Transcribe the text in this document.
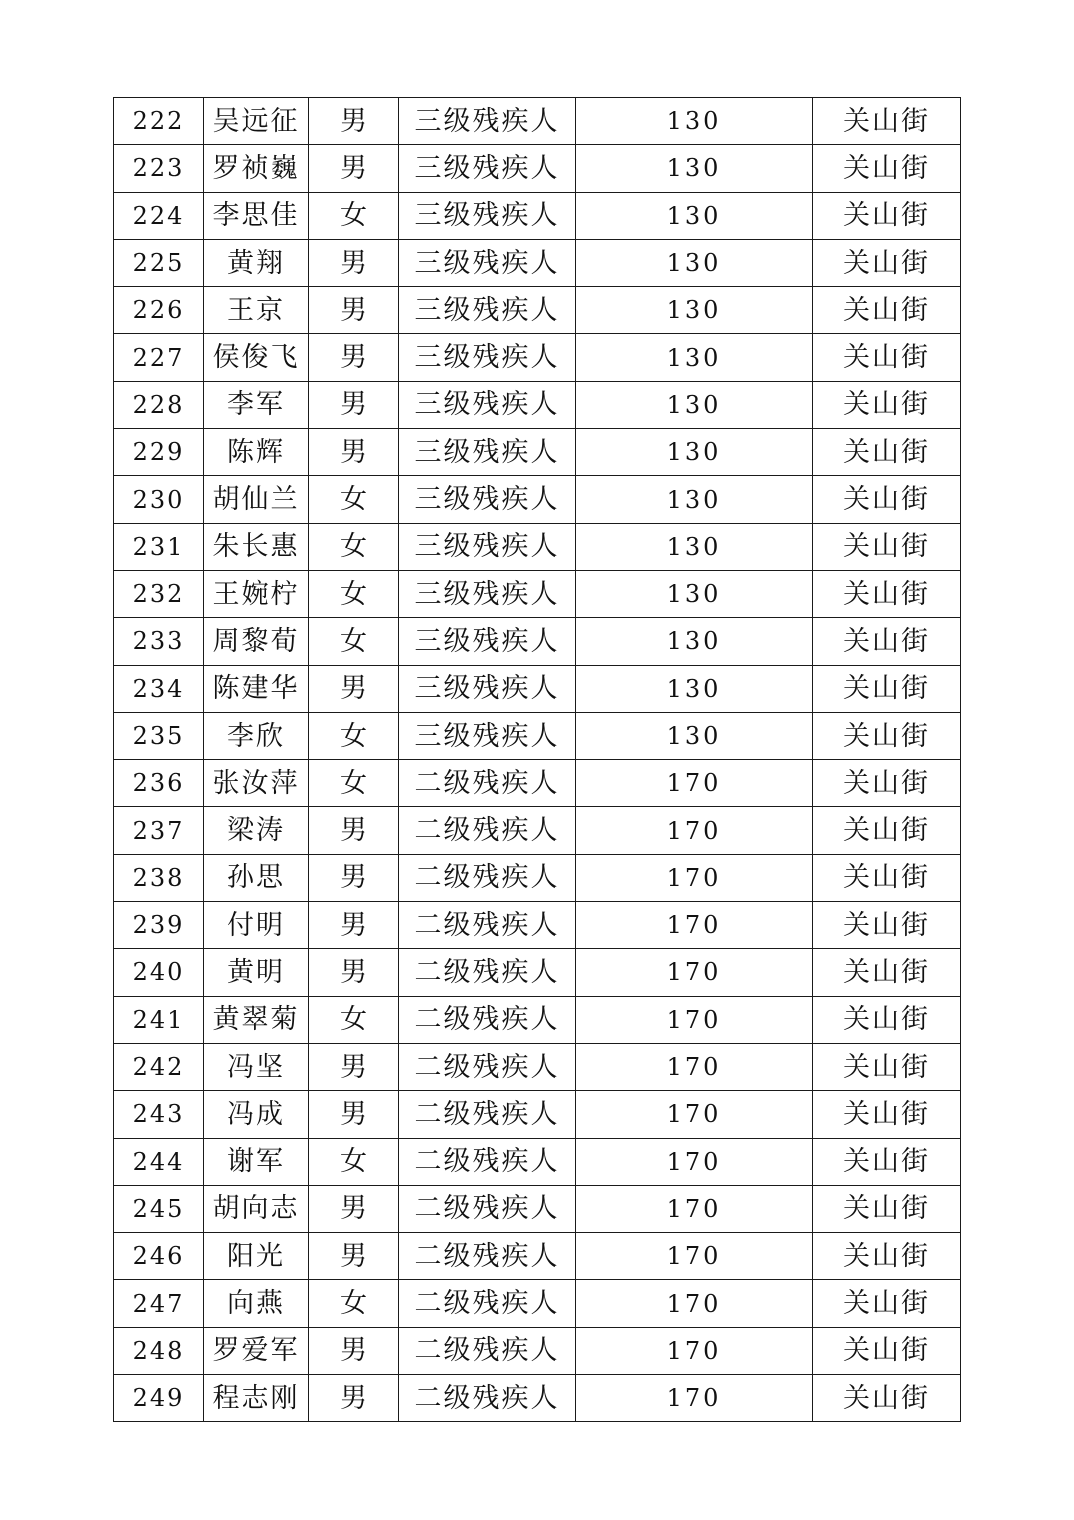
222	吴远征	男	三级残疾人	130	关山街
223	罗祯巍	男	三级残疾人	130	关山街
224	李思佳	女	三级残疾人	130	关山街
225	黄翔	男	三级残疾人	130	关山街
226	王京	男	三级残疾人	130	关山街
227	侯俊飞	男	三级残疾人	130	关山街
228	李军	男	三级残疾人	130	关山街
229	陈辉	男	三级残疾人	130	关山街
230	胡仙兰	女	三级残疾人	130	关山街
231	朱长惠	女	三级残疾人	130	关山街
232	王婉柠	女	三级残疾人	130	关山街
233	周黎荀	女	三级残疾人	130	关山街
234	陈建华	男	三级残疾人	130	关山街
235	李欣	女	三级残疾人	130	关山街
236	张汝萍	女	二级残疾人	170	关山街
237	梁涛	男	二级残疾人	170	关山街
238	孙思	男	二级残疾人	170	关山街
239	付明	男	二级残疾人	170	关山街
240	黄明	男	二级残疾人	170	关山街
241	黄翠菊	女	二级残疾人	170	关山街
242	冯坚	男	二级残疾人	170	关山街
243	冯成	男	二级残疾人	170	关山街
244	谢军	女	二级残疾人	170	关山街
245	胡向志	男	二级残疾人	170	关山街
246	阳光	男	二级残疾人	170	关山街
247	向燕	女	二级残疾人	170	关山街
248	罗爱军	男	二级残疾人	170	关山街
249	程志刚	男	二级残疾人	170	关山街
